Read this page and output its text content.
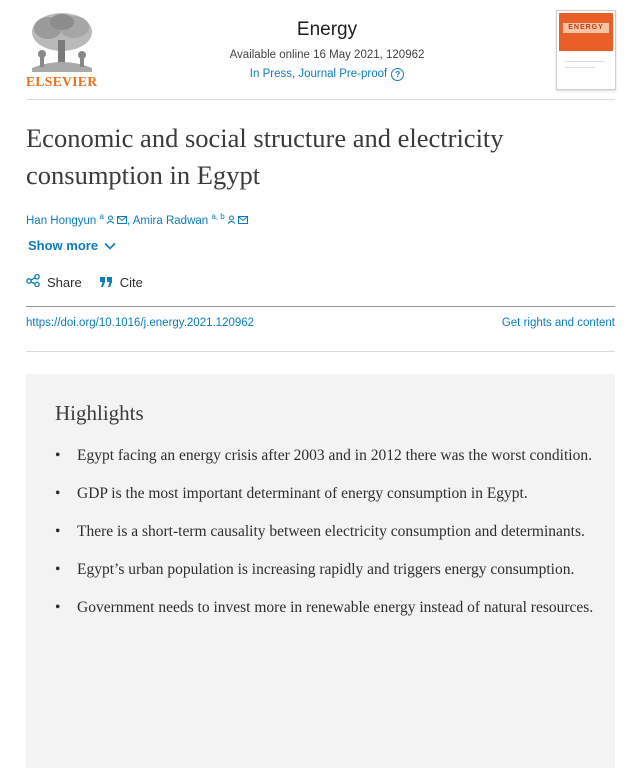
ELSEVIER
Energy
Available online 16 May 2021, 120962
In Press, Journal Pre-proof ?
ENERGY
Economic and social structure and electricity consumption in Egypt
Han Hongyun $^a$ , Amira Radwan $^{a, b}$
Show more
Share	Cite
https://doi.org/10.1016/j.energy.2021.120962	Get rights and content
Highlights
• Egypt facing an energy crisis after 2003 and in 2012 there was the worst condition.
• GDP is the most important determinant of energy consumption in Egypt.
• There is a short-term causality between electricity consumption and determinants.
• Egypt’s urban population is increasing rapidly and triggers energy consumption.
• Government needs to invest more in renewable energy instead of natural resources.
